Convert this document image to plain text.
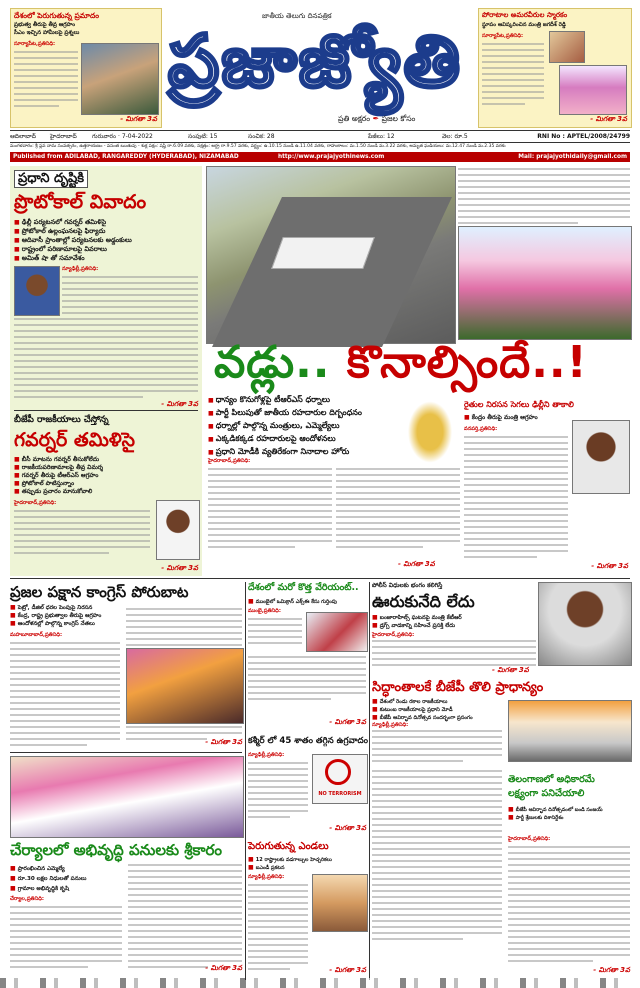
దేశంలో పెరుగుతున్న ప్రమాదం
ప్రభుత్వ తీరుపై తీవ్ర ఆగ్రహం
సీఎం ఇచ్చిన హామీలపై ప్రశ్నలు
సూర్యాపేట,ప్రతినిధి:
- మిగతా 3వ
జాతీయ తెలుగు దినపత్రిక
ప్రజాజ్యోతి
ప్రతి అక్షరం ✒ ప్రజల కోసం
పోరాటాల అమరవీరుల స్మారకం
స్థూపం ఆవిష్కరించిన మంత్రి జగదీశ్ రెడ్డి
సూర్యాపేట,ప్రతినిధి:
- మిగతా 3వ
ఆదిలాబాద్ హైదరాబాద్	గురువారం · 7-04-2022	సంపుటి: 15	సంచిక: 28	పేజీలు: 12	వెల: రూ.5	RNI No : APTEL/2008/24799
మంగళవారం: శ్రీ ప్లవ నామ సంవత్సరం, ఉత్తరాయణం - వసంత ఋతువు - శుక్ల పక్షం: షష్ఠి రా.6.09 వరకు, నక్షత్రం: ఆర్ద్ర రా.9.57 వరకు, వర్జ్యం: ఉ.10.15 నుండి ఉ.11.04 వరకు, రాహుకాలం: మ.1.50 నుండి మ.3.22 వరకు, అమృత ఘడియలు: మ.12.47 నుండి మ.2.35 వరకు
Published from ADILABAD, RANGAREDDY (HYDERABAD), NIZAMABAD	http://www.prajajyothinews.com	Mail: prajajyothidaily@gmail.com
ప్రధాని దృష్టికి
ప్రొటోకాల్ వివాదం
■ ఢిల్లీ పర్యటనలో గవర్నర్ తమిళిసై
■ ప్రోటోకాల్ ఉల్లంఘనలపై ఫిర్యాదు
■ ఆదివాసీ ప్రాంతాల్లో పర్యటనలకు అడ్డంకులు
■ రాష్ట్రంలో పరిణామాలపై వివరాలు
■ అమిత్ షా తో సమావేశం
న్యూఢిల్లీ,ప్రతినిధి:
- మిగతా 3వ
బీజేపీ రాజకీయాలు చేస్తోన్న
గవర్నర్ తమిళిసై
■ బీసీ మాటను గవర్నర్ తీసుకోలేదు
■ రాజకీయపరిణామాలపై తీవ్ర విమర్శ
■ గవర్నర్ తీరుపై టీఆర్ఎస్ ఆగ్రహం
■ ప్రోటోకాల్ పాటిస్తున్నాం
■ తప్పుడు ప్రచారం మానుకోవాలి
హైదరాబాద్,ప్రతినిధి:
- మిగతా 3వ
వడ్లు.. కొనాల్సిందే..!
■ ధాన్యం కొనుగోళ్లపై టీఆర్ఎస్ ధర్నాలు
■ పార్టీ పిలుపుతో జాతీయ రహదారుల దిగ్బంధనం
■ ధర్నాల్లో పాల్గొన్న మంత్రులు, ఎమ్మెల్యేలు
■ ఎక్కడికక్కడ రహదారులపై ఆందోళనలు
■ ప్రధాని మోడీకి వ్యతిరేకంగా నినాదాల హోరు
హైదరాబాద్,ప్రతినిధి:
- మిగతా 3వ
రైతుల నిరసన సెగలు ఢిల్లీని తాకాలి
■ కేంద్రం తీరుపై మంత్రి ఆగ్రహం
వనపర్తి,ప్రతినిధి:
- మిగతా 3వ
ప్రజల పక్షాన కాంగ్రెస్ పోరుబాట
■ పెట్రో, డీజిల్ ధరల పెంపుపై నిరసన
■ కేంద్ర, రాష్ట్ర ప్రభుత్వాల తీరుపై ఆగ్రహం
■ ఆందోళనల్లో పాల్గొన్న కాంగ్రెస్ నేతలు
మహబూబాబాద్,ప్రతినిధి:
- మిగతా 3వ
దేశంలో మరో కొత్త వేరియంట్..
■ ముంబైలో ఒమిక్రాన్ ఎక్స్ఈ కేసు గుర్తింపు
ముంబై,ప్రతినిధి:
- మిగతా 3వ
కశ్మీర్ లో 45 శాతం తగ్గిన ఉగ్రవాదం
న్యూఢిల్లీ,ప్రతినిధి:
NO TERRORISM
- మిగతా 3వ
పోలీస్ విధులకు భంగం కలిగిస్తే
ఊరుకునేది లేదు
■ బంజారాహిల్స్ ఘటనపై మంత్రి కేటీఆర్
■ డ్రగ్స్ వాడకాన్ని సహించే ప్రసక్తి లేదు
హైదరాబాద్,ప్రతినిధి:
- మిగతా 3వ
సిద్ధాంతాలకే బీజేపీ తొలి ప్రాధాన్యం
■ దేశంలో రెండు రకాల రాజకీయాలు
■ కుటుంబ రాజకీయాలపై ప్రధాని మోడీ
■ బీజేపీ ఆవిర్భావ దినోత్సవ సందర్భంగా ప్రసంగం
న్యూఢిల్లీ,ప్రతినిధి:
తెలంగాణలో అధికారమే
లక్ష్యంగా పనిచేయాలి
■ బీజేపీ ఆవిర్భావ దినోత్సవంలో బండి సంజయ్
■ పార్టీ శ్రేణులకు దిశానిర్దేశం
హైదరాబాద్,ప్రతినిధి:
- మిగతా 3వ
చేర్యాలలో అభివృద్ధి పనులకు శ్రీకారం
■ ప్రారంభించిన ఎమ్మెల్యే
■ రూ.30 లక్షల నిధులతో పనులు
■ గ్రామాల అభివృద్ధికి కృషి
చేర్యాల,ప్రతినిధి:
- మిగతా 3వ
పెరుగుతున్న ఎండలు
■ 12 రాష్ట్రాలకు వడగాల్పుల హెచ్చరికలు
■ ఐఎండీ ప్రకటన
న్యూఢిల్లీ,ప్రతినిధి:
- మిగతా 3వ
